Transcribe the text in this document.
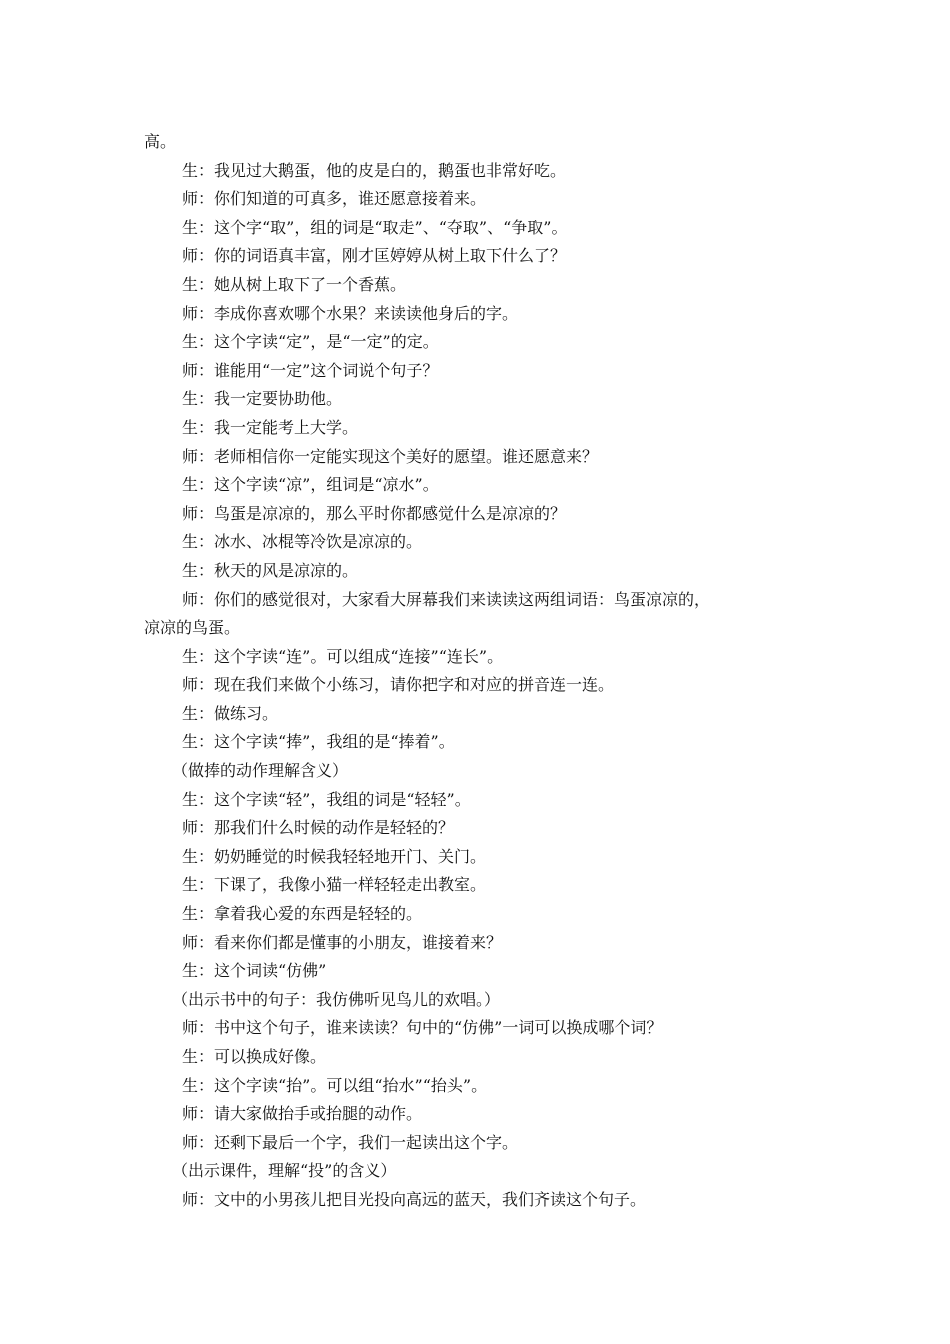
高。
生：我见过大鹅蛋，他的皮是白的，鹅蛋也非常好吃。
师：你们知道的可真多，谁还愿意接着来。
生：这个字“取”，组的词是“取走”、“夺取”、“争取”。
师：你的词语真丰富，刚才匡婷婷从树上取下什么了？
生：她从树上取下了一个香蕉。
师：李成你喜欢哪个水果？来读读他身后的字。
生：这个字读“定”，是“一定”的定。
师：谁能用“一定”这个词说个句子？
生：我一定要协助他。
生：我一定能考上大学。
师：老师相信你一定能实现这个美好的愿望。谁还愿意来？
生：这个字读“凉”，组词是“凉水”。
师：鸟蛋是凉凉的，那么平时你都感觉什么是凉凉的？
生：冰水、冰棍等冷饮是凉凉的。
生：秋天的风是凉凉的。
师：你们的感觉很对，大家看大屏幕我们来读读这两组词语：鸟蛋凉凉的，
凉凉的鸟蛋。
生：这个字读“连”。可以组成“连接”“连长”。
师：现在我们来做个小练习，请你把字和对应的拼音连一连。
生：做练习。
生：这个字读“捧”，我组的是“捧着”。
（做捧的动作理解含义）
生：这个字读“轻”，我组的词是“轻轻”。
师：那我们什么时候的动作是轻轻的？
生：奶奶睡觉的时候我轻轻地开门、关门。
生：下课了，我像小猫一样轻轻走出教室。
生：拿着我心爱的东西是轻轻的。
师：看来你们都是懂事的小朋友，谁接着来？
生：这个词读“仿佛”
（出示书中的句子：我仿佛听见鸟儿的欢唱。）
师：书中这个句子，谁来读读？句中的“仿佛”一词可以换成哪个词？
生：可以换成好像。
生：这个字读“抬”。可以组“抬水”“抬头”。
师：请大家做抬手或抬腿的动作。
师：还剩下最后一个字，我们一起读出这个字。
（出示课件，理解“投”的含义）
师：文中的小男孩儿把目光投向高远的蓝天，我们齐读这个句子。
